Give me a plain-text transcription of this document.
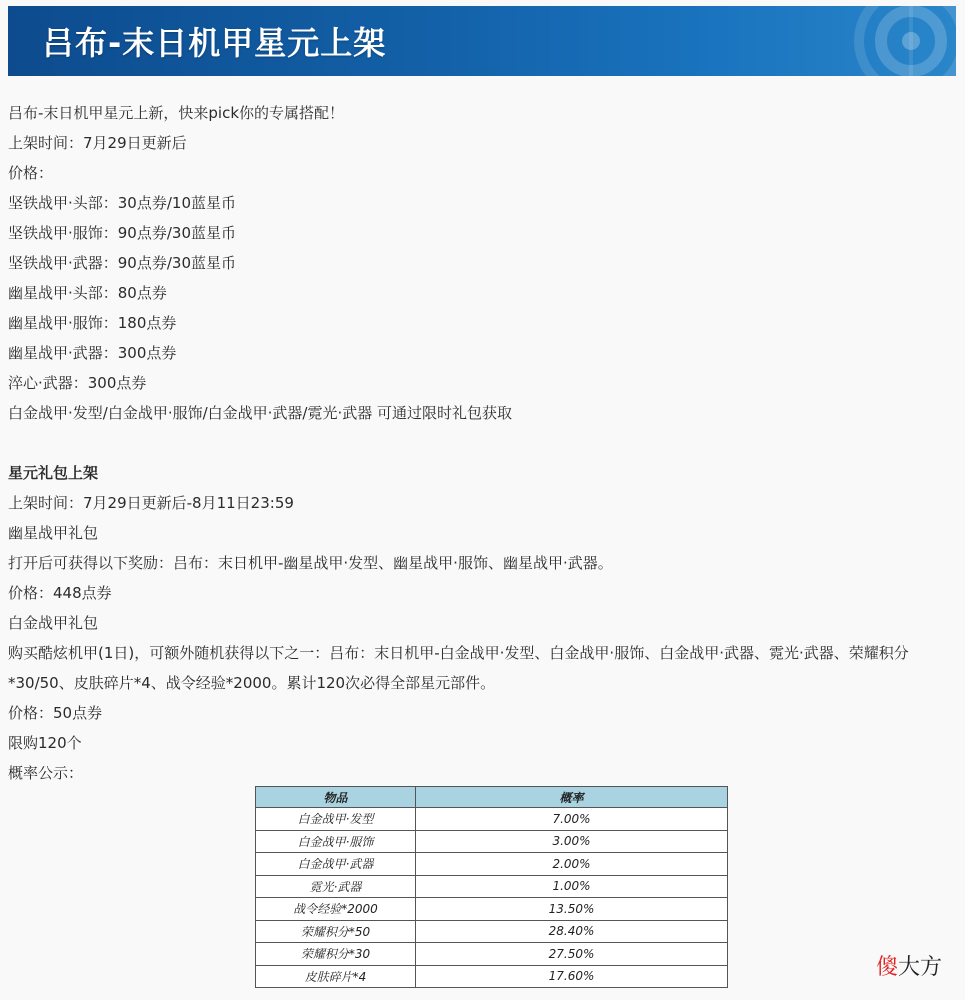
吕布-末日机甲星元上架
吕布-末日机甲星元上新，快来pick你的专属搭配！
上架时间：7月29日更新后
价格：
坚铁战甲·头部：30点券/10蓝星币
坚铁战甲·服饰：90点券/30蓝星币
坚铁战甲·武器：90点券/30蓝星币
幽星战甲·头部：80点券
幽星战甲·服饰：180点券
幽星战甲·武器：300点券
淬心·武器：300点券
白金战甲·发型/白金战甲·服饰/白金战甲·武器/霓光·武器 可通过限时礼包获取
星元礼包上架
上架时间：7月29日更新后-8月11日23:59
幽星战甲礼包
打开后可获得以下奖励：吕布：末日机甲-幽星战甲·发型、幽星战甲·服饰、幽星战甲·武器。
价格：448点券
白金战甲礼包
购买酷炫机甲(1日)，可额外随机获得以下之一：吕布：末日机甲-白金战甲·发型、白金战甲·服饰、白金战甲·武器、霓光·武器、荣耀积分*30/50、皮肤碎片*4、战令经验*2000。累计120次必得全部星元部件。
价格：50点券
限购120个
概率公示：
物品	概率
白金战甲·发型	7.00%
白金战甲·服饰	3.00%
白金战甲·武器	2.00%
霓光·武器	1.00%
战令经验*2000	13.50%
荣耀积分*50	28.40%
荣耀积分*30	27.50%
皮肤碎片*4	17.60%	傻大方
